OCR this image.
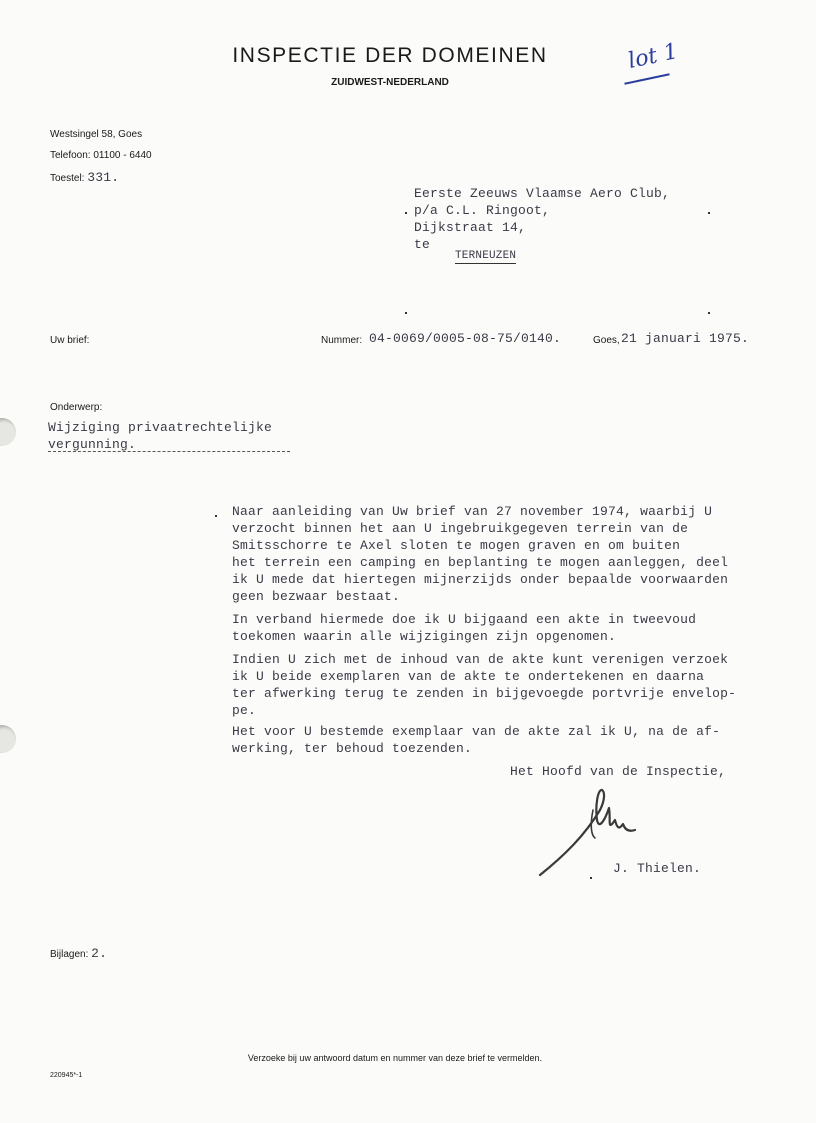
INSPECTIE DER DOMEINEN
ZUIDWEST-NEDERLAND
lot 1
Westsingel 58, Goes
Telefoon: 01100 - 6440
Toestel: 331.
Eerste Zeeuws Vlaamse Aero Club,
p/a C.L. Ringoot,
Dijkstraat 14,
te
TERNEUZEN
Uw brief:	Nummer: 04-0069/0005-08-75/0140.	Goes, 21 januari 1975.
Onderwerp:
Wijziging privaatrechtelijke
vergunning.
Naar aanleiding van Uw brief van 27 november 1974, waarbij U
verzocht binnen het aan U ingebruikgegeven terrein van de
Smitsschorre te Axel sloten te mogen graven en om buiten
het terrein een camping en beplanting te mogen aanleggen, deel
ik U mede dat hiertegen mijnerzijds onder bepaalde voorwaarden
geen bezwaar bestaat.
In verband hiermede doe ik U bijgaand een akte in tweevoud
toekomen waarin alle wijzigingen zijn opgenomen.
Indien U zich met de inhoud van de akte kunt verenigen verzoek
ik U beide exemplaren van de akte te ondertekenen en daarna
ter afwerking terug te zenden in bijgevoegde portvrije envelop-
pe.
Het voor U bestemde exemplaar van de akte zal ik U, na de af-
werking, ter behoud toezenden.
Het Hoofd van de Inspectie,
J. Thielen.
Bijlagen: 2.
Verzoeke bij uw antwoord datum en nummer van deze brief te vermelden.
220945*-1
